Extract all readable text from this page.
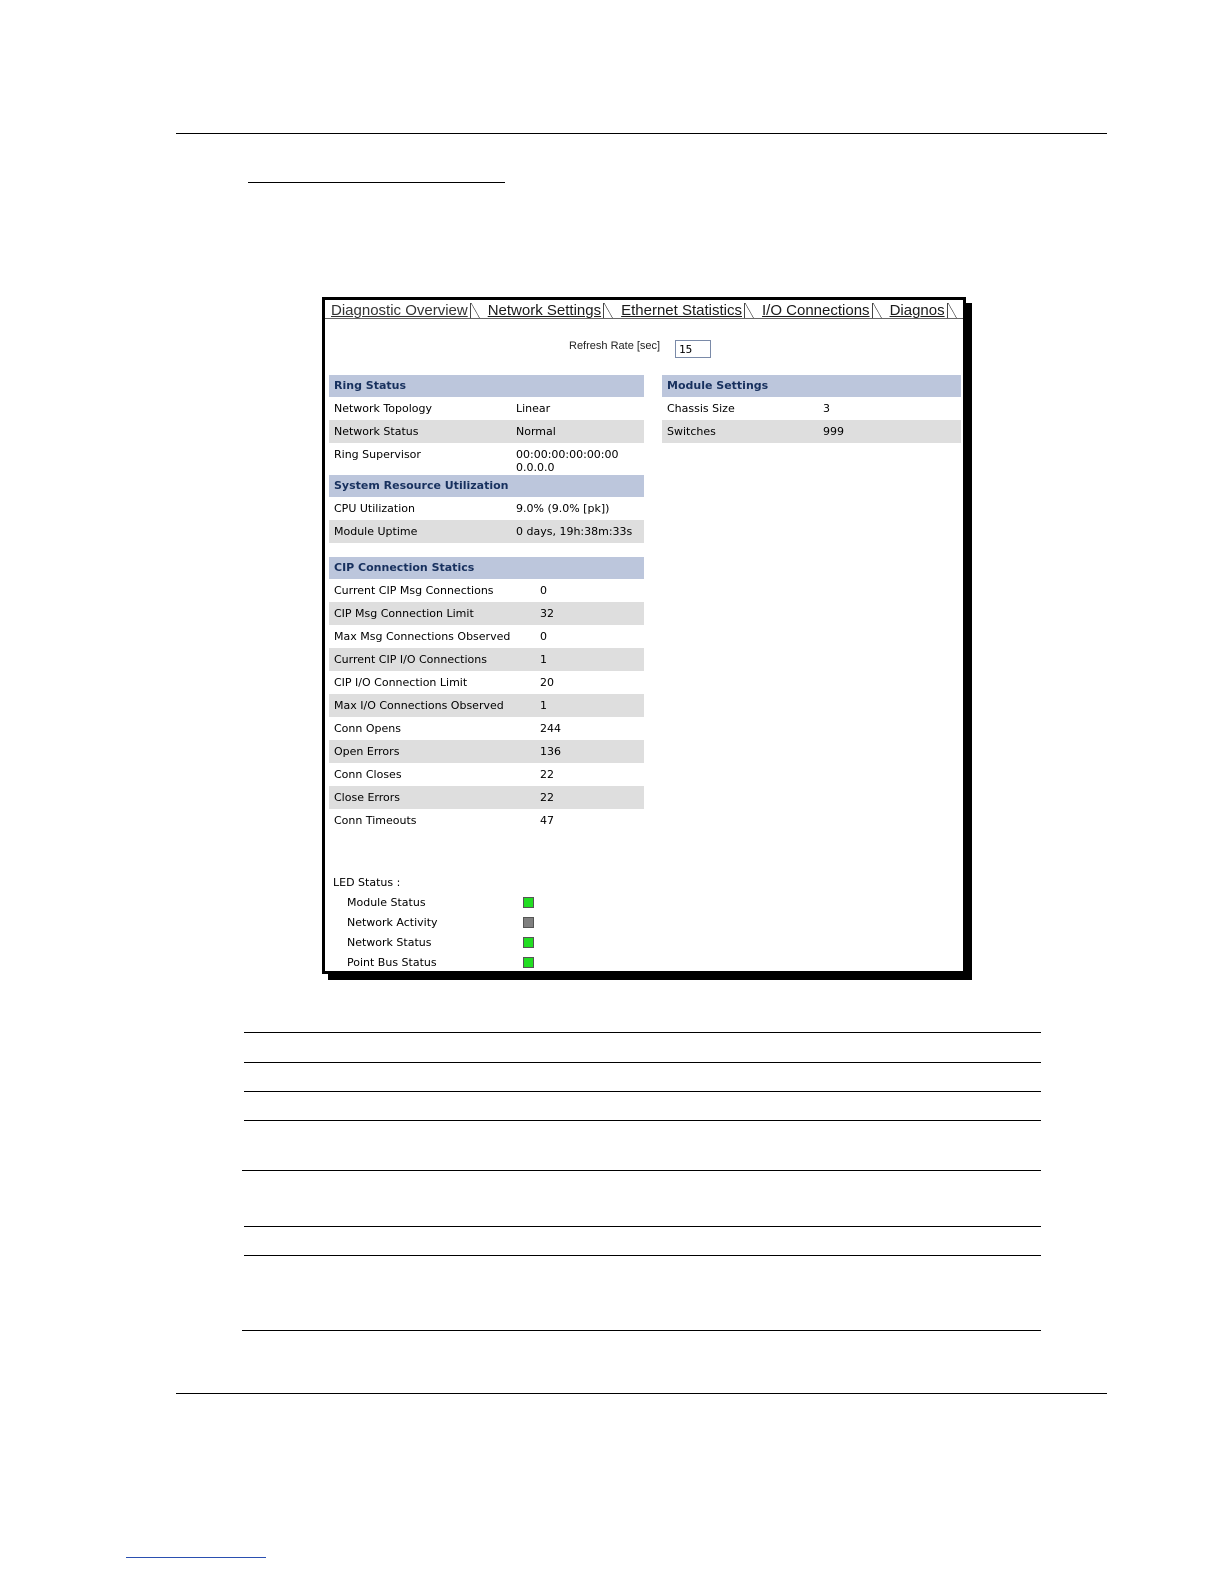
Diagnostic Overview Network Settings Ethernet Statistics I/O Connections Diagnos
Refresh Rate [sec]
15
Ring Status
Network Topology	Linear
Network Status	Normal
Ring Supervisor	00:00:00:00:00:00
0.0.0.0
System Resource Utilization
CPU Utilization	9.0% (9.0% [pk])
Module Uptime	0 days, 19h:38m:33s
CIP Connection Statics
Current CIP Msg Connections	0
CIP Msg Connection Limit	32
Max Msg Connections Observed	0
Current CIP I/O Connections	1
CIP I/O Connection Limit	20
Max I/O Connections Observed	1
Conn Opens	244
Open Errors	136
Conn Closes	22
Close Errors	22
Conn Timeouts	47
Module Settings
Chassis Size	3
Switches	999
LED Status :
Module Status
Network Activity
Network Status
Point Bus Status
